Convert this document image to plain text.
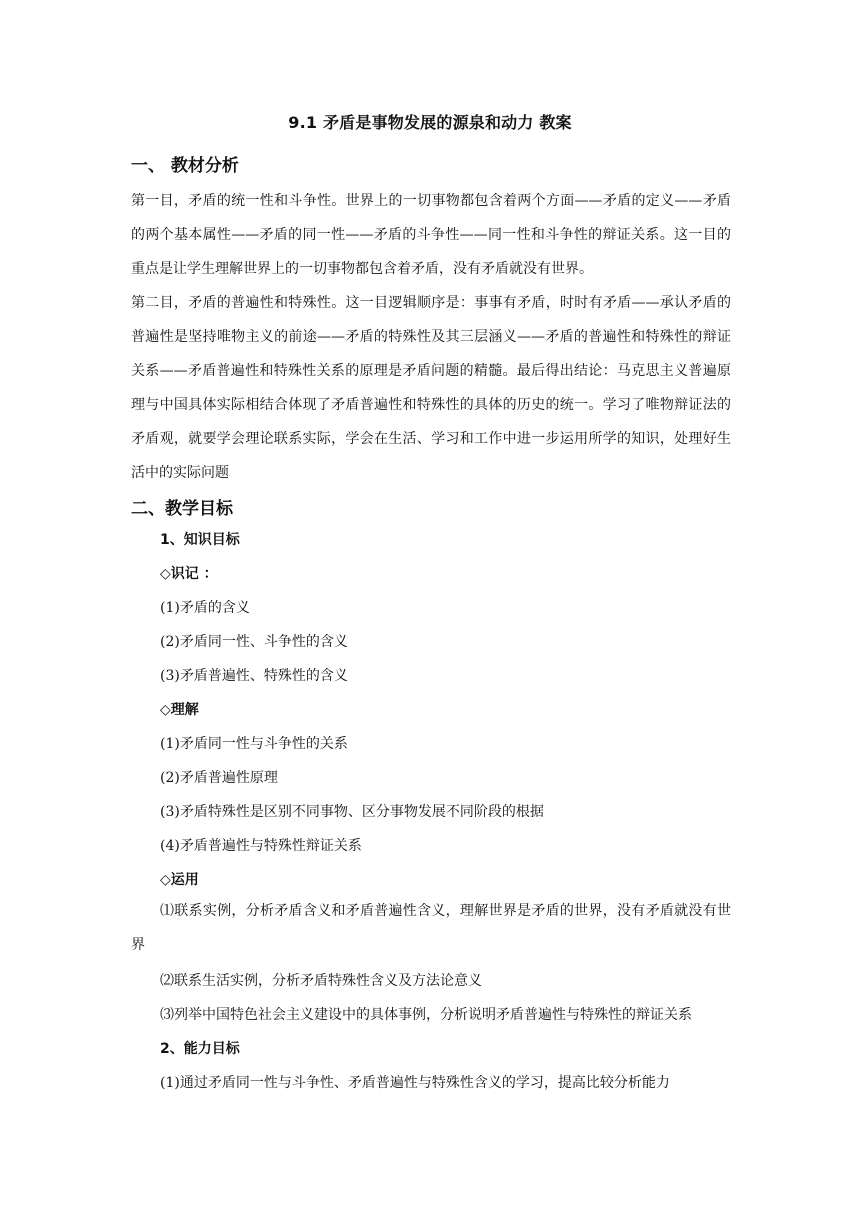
9.1 矛盾是事物发展的源泉和动力 教案
一、 教材分析
第一目，矛盾的统一性和斗争性。世界上的一切事物都包含着两个方面——矛盾的定义——矛盾的两个基本属性——矛盾的同一性——矛盾的斗争性——同一性和斗争性的辩证关系。这一目的重点是让学生理解世界上的一切事物都包含着矛盾，没有矛盾就没有世界。
第二目，矛盾的普遍性和特殊性。这一目逻辑顺序是：事事有矛盾，时时有矛盾——承认矛盾的普遍性是坚持唯物主义的前途——矛盾的特殊性及其三层涵义——矛盾的普遍性和特殊性的辩证关系——矛盾普遍性和特殊性关系的原理是矛盾问题的精髓。最后得出结论：马克思主义普遍原理与中国具体实际相结合体现了矛盾普遍性和特殊性的具体的历史的统一。学习了唯物辩证法的矛盾观，就要学会理论联系实际，学会在生活、学习和工作中进一步运用所学的知识，处理好生活中的实际问题
二、教学目标
1、知识目标
◇识记 ：
(1)矛盾的含义
(2)矛盾同一性、斗争性的含义
(3)矛盾普遍性、特殊性的含义
◇理解
(1)矛盾同一性与斗争性的关系
(2)矛盾普遍性原理
(3)矛盾特殊性是区别不同事物、区分事物发展不同阶段的根据
(4)矛盾普遍性与特殊性辩证关系
◇运用
⑴联系实例，分析矛盾含义和矛盾普遍性含义，理解世界是矛盾的世界，没有矛盾就没有世界
⑵联系生活实例，分析矛盾特殊性含义及方法论意义
⑶列举中国特色社会主义建设中的具体事例，分析说明矛盾普遍性与特殊性的辩证关系
2、能力目标
(1)通过矛盾同一性与斗争性、矛盾普遍性与特殊性含义的学习，提高比较分析能力
